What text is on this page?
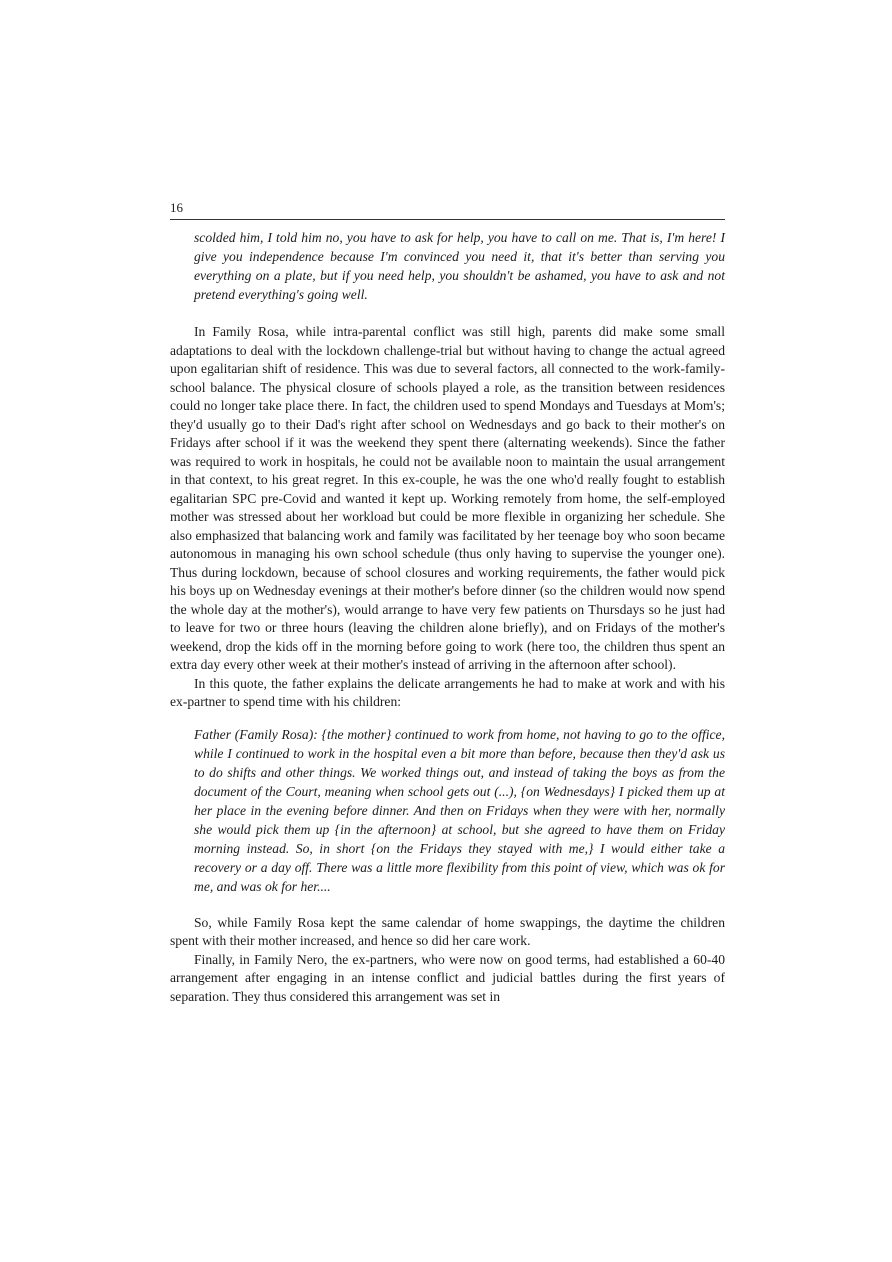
16

scolded him, I told him no, you have to ask for help, you have to call on me. That is, I'm here! I give you independence because I'm convinced you need it, that it's better than serving you everything on a plate, but if you need help, you shouldn't be ashamed, you have to ask and not pretend everything's going well.

In Family Rosa, while intra-parental conflict was still high, parents did make some small adaptations to deal with the lockdown challenge-trial but without having to change the actual agreed upon egalitarian shift of residence. This was due to several factors, all connected to the work-family-school balance. The physical closure of schools played a role, as the transition between residences could no longer take place there. In fact, the children used to spend Mondays and Tuesdays at Mom's; they'd usually go to their Dad's right after school on Wednesdays and go back to their mother's on Fridays after school if it was the weekend they spent there (alternating weekends). Since the father was required to work in hospitals, he could not be available noon to maintain the usual arrangement in that context, to his great regret. In this ex-couple, he was the one who'd really fought to establish egalitarian SPC pre-Covid and wanted it kept up. Working remotely from home, the self-employed mother was stressed about her workload but could be more flexible in organizing her schedule. She also emphasized that balancing work and family was facilitated by her teenage boy who soon became autonomous in managing his own school schedule (thus only having to supervise the younger one). Thus during lockdown, because of school closures and working requirements, the father would pick his boys up on Wednesday evenings at their mother's before dinner (so the children would now spend the whole day at the mother's), would arrange to have very few patients on Thursdays so he just had to leave for two or three hours (leaving the children alone briefly), and on Fridays of the mother's weekend, drop the kids off in the morning before going to work (here too, the children thus spent an extra day every other week at their mother's instead of arriving in the afternoon after school).

In this quote, the father explains the delicate arrangements he had to make at work and with his ex-partner to spend time with his children:

Father (Family Rosa): {the mother} continued to work from home, not having to go to the office, while I continued to work in the hospital even a bit more than before, because then they'd ask us to do shifts and other things. We worked things out, and instead of taking the boys as from the document of the Court, meaning when school gets out (...), {on Wednesdays} I picked them up at her place in the evening before dinner. And then on Fridays when they were with her, normally she would pick them up {in the afternoon} at school, but she agreed to have them on Friday morning instead. So, in short {on the Fridays they stayed with me,} I would either take a recovery or a day off. There was a little more flexibility from this point of view, which was ok for me, and was ok for her....

So, while Family Rosa kept the same calendar of home swappings, the daytime the children spent with their mother increased, and hence so did her care work.

Finally, in Family Nero, the ex-partners, who were now on good terms, had established a 60-40 arrangement after engaging in an intense conflict and judicial battles during the first years of separation. They thus considered this arrangement was set in
